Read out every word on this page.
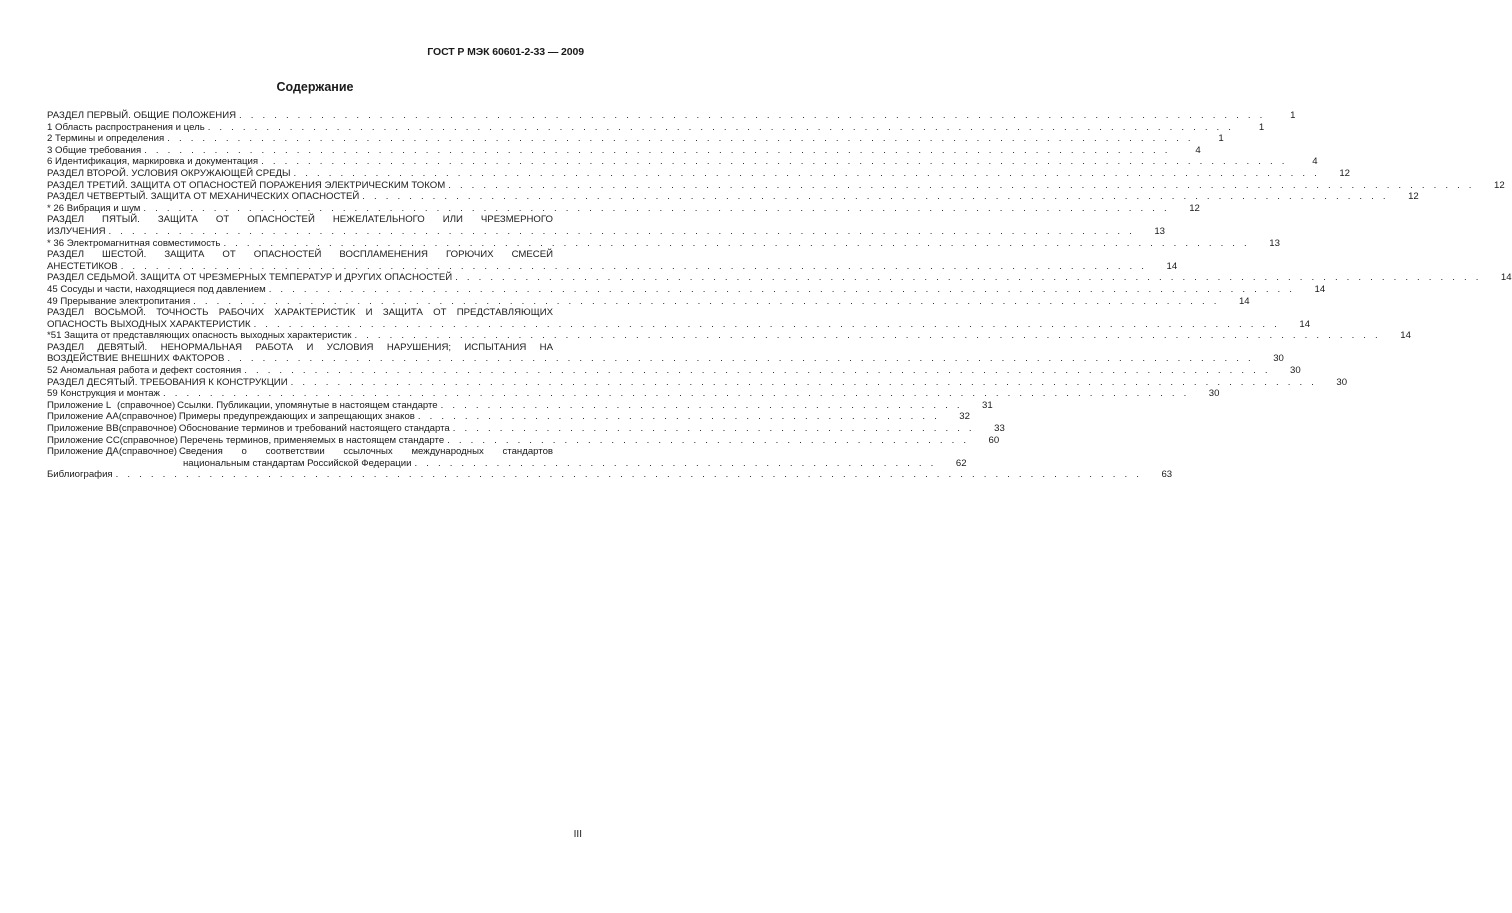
ГОСТ Р МЭК 60601-2-33 — 2009
Содержание
РАЗДЕЛ ПЕРВЫЙ. ОБЩИЕ ПОЛОЖЕНИЯ . . . . . . . . . . . . . . . . . . . . . . . . . . . . . . . . . . . . . . . . . . . . . . . . . . . . . . . . . . . . . . . . . . . . . . . . . . . . . . . . . . . . . . . .	1
1 Область распространения и цель . . . . . . . . . . . . . . . . . . . . . . . . . . . . . . . . . . . . . . . . . . . . . . . . . . . . . . . . . . . . . . . . . . . . . . . . . . . . . . . . . . . . . . . .	1
2 Термины и определения . . . . . . . . . . . . . . . . . . . . . . . . . . . . . . . . . . . . . . . . . . . . . . . . . . . . . . . . . . . . . . . . . . . . . . . . . . . . . . . . . . . . . . . .	1
3 Общие требования . . . . . . . . . . . . . . . . . . . . . . . . . . . . . . . . . . . . . . . . . . . . . . . . . . . . . . . . . . . . . . . . . . . . . . . . . . . . . . . . . . . . . . . .	4
6 Идентификация, маркировка и документация . . . . . . . . . . . . . . . . . . . . . . . . . . . . . . . . . . . . . . . . . . . . . . . . . . . . . . . . . . . . . . . . . . . . . . . . . . . . . . . . . . . . . . . .	4
РАЗДЕЛ ВТОРОЙ. УСЛОВИЯ ОКРУЖАЮЩЕЙ СРЕДЫ . . . . . . . . . . . . . . . . . . . . . . . . . . . . . . . . . . . . . . . . . . . . . . . . . . . . . . . . . . . . . . . . . . . . . . . . . . . . . . . . . . . . . . . .	12
РАЗДЕЛ ТРЕТИЙ. ЗАЩИТА ОТ ОПАСНОСТЕЙ ПОРАЖЕНИЯ ЭЛЕКТРИЧЕСКИМ ТОКОМ . . . . . . . . . . . . . . . . . . . . . . . . . . . . . . . . . . . . . . . . . . . . . . . . . . . . . . . . . . . . . . . . . . . . . . . . . . . . . . . . . . . . . . . .	12
РАЗДЕЛ ЧЕТВЕРТЫЙ. ЗАЩИТА ОТ МЕХАНИЧЕСКИХ ОПАСНОСТЕЙ . . . . . . . . . . . . . . . . . . . . . . . . . . . . . . . . . . . . . . . . . . . . . . . . . . . . . . . . . . . . . . . . . . . . . . . . . . . . . . . . . . . . . . . .	12
* 26 Вибрация и шум . . . . . . . . . . . . . . . . . . . . . . . . . . . . . . . . . . . . . . . . . . . . . . . . . . . . . . . . . . . . . . . . . . . . . . . . . . . . . . . . . . . . . . . .	12
РАЗДЕЛ ПЯТЫЙ. ЗАЩИТА ОТ ОПАСНОСТЕЙ НЕЖЕЛАТЕЛЬНОГО ИЛИ ЧРЕЗМЕРНОГО
ИЗЛУЧЕНИЯ . . . . . . . . . . . . . . . . . . . . . . . . . . . . . . . . . . . . . . . . . . . . . . . . . . . . . . . . . . . . . . . . . . . . . . . . . . . . . . . . . . . . . . . .	13
* 36 Электромагнитная совместимость . . . . . . . . . . . . . . . . . . . . . . . . . . . . . . . . . . . . . . . . . . . . . . . . . . . . . . . . . . . . . . . . . . . . . . . . . . . . . . . . . . . . . . . .	13
РАЗДЕЛ ШЕСТОЙ. ЗАЩИТА ОТ ОПАСНОСТЕЙ ВОСПЛАМЕНЕНИЯ ГОРЮЧИХ СМЕСЕЙ
АНЕСТЕТИКОВ . . . . . . . . . . . . . . . . . . . . . . . . . . . . . . . . . . . . . . . . . . . . . . . . . . . . . . . . . . . . . . . . . . . . . . . . . . . . . . . . . . . . . . . .	14
РАЗДЕЛ СЕДЬМОЙ. ЗАЩИТА ОТ ЧРЕЗМЕРНЫХ ТЕМПЕРАТУР И ДРУГИХ ОПАСНОСТЕЙ . . . . . . . . . . . . . . . . . . . . . . . . . . . . . . . . . . . . . . . . . . . . . . . . . . . . . . . . . . . . . . . . . . . . . . . . . . . . . . . . . . . . . . . .	14
45 Сосуды и части, находящиеся под давлением . . . . . . . . . . . . . . . . . . . . . . . . . . . . . . . . . . . . . . . . . . . . . . . . . . . . . . . . . . . . . . . . . . . . . . . . . . . . . . . . . . . . . . . .	14
49 Прерывание электропитания . . . . . . . . . . . . . . . . . . . . . . . . . . . . . . . . . . . . . . . . . . . . . . . . . . . . . . . . . . . . . . . . . . . . . . . . . . . . . . . . . . . . . . . .	14
РАЗДЕЛ ВОСЬМОЙ. ТОЧНОСТЬ РАБОЧИХ ХАРАКТЕРИСТИК И ЗАЩИТА ОТ ПРЕДСТАВЛЯЮЩИХ
ОПАСНОСТЬ ВЫХОДНЫХ ХАРАКТЕРИСТИК . . . . . . . . . . . . . . . . . . . . . . . . . . . . . . . . . . . . . . . . . . . . . . . . . . . . . . . . . . . . . . . . . . . . . . . . . . . . . . . . . . . . . . . .	14
*51 Защита от представляющих опасность выходных характеристик . . . . . . . . . . . . . . . . . . . . . . . . . . . . . . . . . . . . . . . . . . . . . . . . . . . . . . . . . . . . . . . . . . . . . . . . . . . . . . . . . . . . . . . .	14
РАЗДЕЛ ДЕВЯТЫЙ. НЕНОРМАЛЬНАЯ РАБОТА И УСЛОВИЯ НАРУШЕНИЯ; ИСПЫТАНИЯ НА
ВОЗДЕЙСТВИЕ ВНЕШНИХ ФАКТОРОВ . . . . . . . . . . . . . . . . . . . . . . . . . . . . . . . . . . . . . . . . . . . . . . . . . . . . . . . . . . . . . . . . . . . . . . . . . . . . . . . . . . . . . . . .	30
52 Аномальная работа и дефект состояния . . . . . . . . . . . . . . . . . . . . . . . . . . . . . . . . . . . . . . . . . . . . . . . . . . . . . . . . . . . . . . . . . . . . . . . . . . . . . . . . . . . . . . . .	30
РАЗДЕЛ ДЕСЯТЫЙ. ТРЕБОВАНИЯ К КОНСТРУКЦИИ . . . . . . . . . . . . . . . . . . . . . . . . . . . . . . . . . . . . . . . . . . . . . . . . . . . . . . . . . . . . . . . . . . . . . . . . . . . . . . . . . . . . . . . .	30
59 Конструкция и монтаж . . . . . . . . . . . . . . . . . . . . . . . . . . . . . . . . . . . . . . . . . . . . . . . . . . . . . . . . . . . . . . . . . . . . . . . . . . . . . . . . . . . . . . . .	30
Приложение L (справочное) Ссылки. Публикации, упомянутые в настоящем стандарте . . . . . . . . . . . . . . . . . . . . . . . . . . . . . . . . . . . . . . . . . . . . .	31
Приложение AA (справочное) Примеры предупреждающих и запрещающих знаков . . . . . . . . . . . . . . . . . . . . . . . . . . . . . . . . . . . . . . . . . . . . .	32
Приложение BB (справочное) Обоснование терминов и требований настоящего стандарта . . . . . . . . . . . . . . . . . . . . . . . . . . . . . . . . . . . . . . . . . . . . .	33
Приложение CC (справочное) Перечень терминов, применяемых в настоящем стандарте . . . . . . . . . . . . . . . . . . . . . . . . . . . . . . . . . . . . . . . . . . . . .	60
Приложение ДА (справочное) Сведения о соответствии ссылочных международных стандартов
национальным стандартам Российской Федерации . . . . . . . . . . . . . . . . . . . . . . . . . . . . . . . . . . . . . . . . . . . . .	62
Библиография . . . . . . . . . . . . . . . . . . . . . . . . . . . . . . . . . . . . . . . . . . . . . . . . . . . . . . . . . . . . . . . . . . . . . . . . . . . . . . . . . . . . . . . .	63
III
